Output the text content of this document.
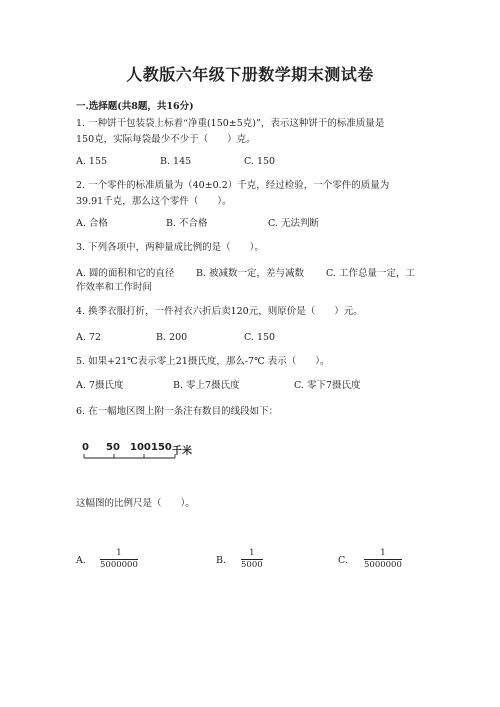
人教版六年级下册数学期末测试卷
一.选择题(共8题，共16分)
1. 一种饼干包装袋上标着“净重(150±5克)”，表示这种饼干的标准质量是
150克，实际每袋最少不少于（　　）克。
A. 155	B. 145	C. 150
2. 一个零件的标准质量为（40±0.2）千克，经过检验，一个零件的质量为
39.91千克，那么这个零件（　　）。
A. 合格	B. 不合格	C. 无法判断
3. 下列各项中，两种量成比例的是（　　）。
A. 圆的面积和它的直径 B. 被减数一定，差与减数 C. 工作总量一定，工
作效率和工作时间
4. 换季衣服打折，一件衬衣六折后卖120元，则原价是（　　）元。
A. 72	B. 200	C. 150
5. 如果+21℃表示零上21摄氏度，那么-7℃ 表示（　　）。
A. 7摄氏度	B. 零上7摄氏度	C. 零下7摄氏度
6. 在一幅地区图上附一条注有数目的线段如下：
0 50 100 150 千米
这幅图的比例尺是（　　）。
A.
1
5000000	B.
1
5000	C.
1
5000000
